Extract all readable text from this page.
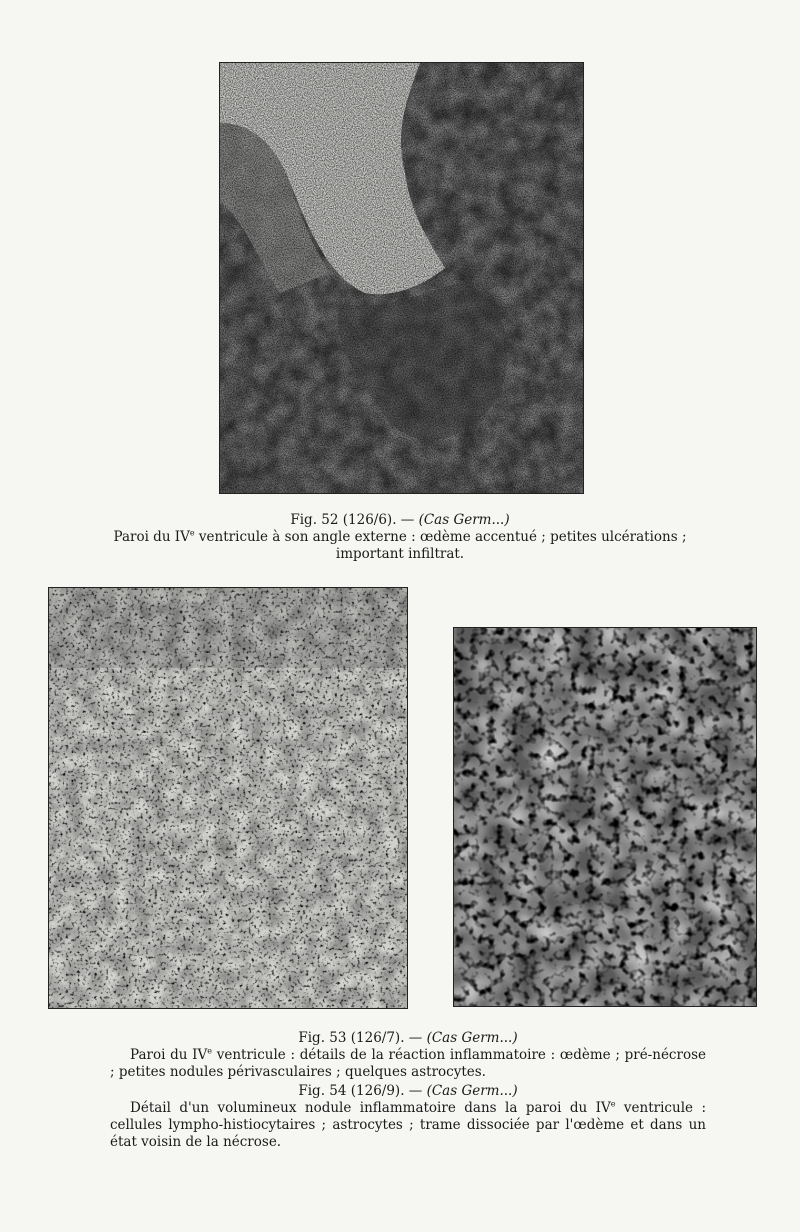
Fig. 52 (126/6). — (Cas Germ...)
Paroi du IVe ventricule à son angle externe : œdème accentué ; petites ulcérations ;
important infiltrat.
Fig. 53 (126/7). — (Cas Germ...)
Paroi du IVe ventricule : détails de la réaction inflammatoire : œdème ; pré-nécrose ; petites nodules périvasculaires ; quelques astrocytes.
Fig. 54 (126/9). — (Cas Germ...)
Détail d'un volumineux nodule inflammatoire dans la paroi du IVe ventricule : cellules lympho-histiocytaires ; astrocytes ; trame dissociée par l'œdème et dans un état voisin de la nécrose.
